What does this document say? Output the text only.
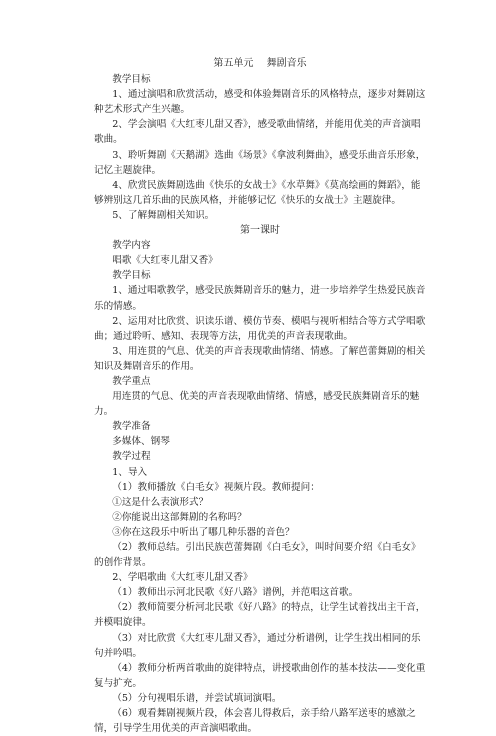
第五单元　 舞剧音乐

教学目标

1、通过演唱和欣赏活动，感受和体验舞剧音乐的风格特点，逐步对舞剧这种艺术形式产生兴趣。

2、学会演唱《大红枣儿甜又香》，感受歌曲情绪，并能用优美的声音演唱歌曲。

3、聆听舞剧《天鹅湖》选曲《场景》《拿波利舞曲》，感受乐曲音乐形象，记忆主题旋律。

4、欣赏民族舞剧选曲《快乐的女战士》《水草舞》《莫高绘画的舞蹈》，能够辨别这几首乐曲的民族风格，并能够记忆《快乐的女战士》主题旋律。

5、了解舞剧相关知识。

第一课时

教学内容

唱歌《大红枣儿甜又香》

教学目标

1、通过唱歌教学，感受民族舞剧音乐的魅力，进一步培养学生热爱民族音乐的情感。

2、运用对比欣赏、识读乐谱、模仿节奏、模唱与视听相结合等方式学唱歌曲；通过聆听、感知、表现等方法，用优美的声音表现歌曲。

3、用连贯的气息、优美的声音表现歌曲情绪、情感。了解芭蕾舞剧的相关知识及舞剧音乐的作用。

教学重点

用连贯的气息、优美的声音表现歌曲情绪、情感，感受民族舞剧音乐的魅力。

教学准备

多媒体、钢琴

教学过程

1、导入

（1）教师播放《白毛女》视频片段。教师提问：

①这是什么表演形式？

②你能说出这部舞剧的名称吗？

③你在这段乐中听出了哪几种乐器的音色？

（2）教师总结。引出民族芭蕾舞剧《白毛女》，叫时间要介绍《白毛女》的创作背景。

2、学唱歌曲《大红枣儿甜又香》

（1）教师出示河北民歌《好八路》谱例，并范唱这首歌。

（2）教师简要分析河北民歌《好八路》的特点，让学生试着找出主干音，并模唱旋律。

（3）对比欣赏《大红枣儿甜又香》，通过分析谱例，让学生找出相同的乐句并吟唱。

（4）教师分析两首歌曲的旋律特点，讲授歌曲创作的基本技法——变化重复与扩充。

（5）分句视唱乐谱，并尝试填词演唱。

（6）观看舞剧视频片段，体会喜儿得救后，亲手给八路军送枣的感激之情，引导学生用优美的声音演唱歌曲。
